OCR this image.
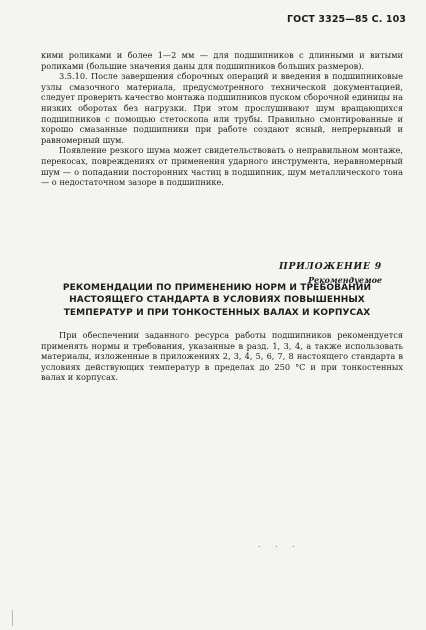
ГОСТ 3325—85 С. 103

кими роликами и более 1—2 мм — для подшипников с длинными и витыми роликами (большие значения даны для подшипников больших размеров).

3.5.10. После завершения сборочных операций и введения в подшипниковые узлы смазочного материала, предусмотренного технической документацией, следует проверить качество монтажа подшипников пуском сборочной единицы на низких оборотах без нагрузки. При этом прослушивают шум вращающихся подшипников с помощью стетоскопа или трубы. Правильно смонтированные и хорошо смазанные подшипники при работе создают ясный, непрерывный и равномерный шум.

Появление резкого шума может свидетельствовать о неправильном монтаже, перекосах, повреждениях от применения ударного инструмента, неравномерный шум — о попадании посторонних частиц в подшипник, шум металлического тона — о недостаточном зазоре в подшипнике.

ПРИЛОЖЕНИЕ 9
Рекомендуемое
РЕКОМЕНДАЦИИ ПО ПРИМЕНЕНИЮ НОРМ И ТРЕБОВАНИЙ НАСТОЯЩЕГО СТАНДАРТА В УСЛОВИЯХ ПОВЫШЕННЫХ ТЕМПЕРАТУР И ПРИ ТОНКОСТЕННЫХ ВАЛАХ И КОРПУСАХ

При обеспечении заданного ресурса работы подшипников рекомендуется применять нормы и требования, указанные в разд. 1, 3, 4, а также использовать материалы, изложенные в приложениях 2, 3, 4, 5, 6, 7, 8 настоящего стандарта в условиях действующих температур в пределах до 250 °С и при тонкостенных валах и корпусах.

. . .
